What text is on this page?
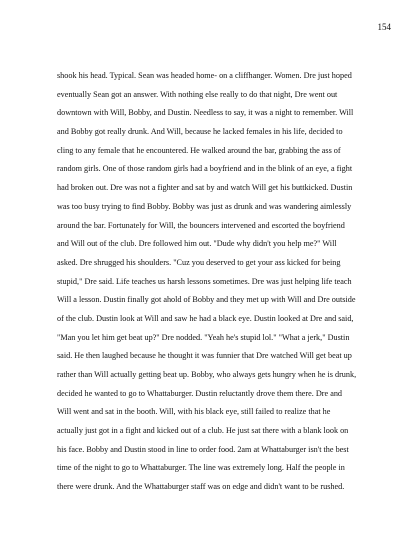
154
shook his head. Typical. Sean was headed home- on a cliffhanger. Women. Dre just hoped
eventually Sean got an answer. With nothing else really to do that night, Dre went out
downtown with Will, Bobby, and Dustin. Needless to say, it was a night to remember. Will
and Bobby got really drunk. And Will, because he lacked females in his life, decided to
cling to any female that he encountered. He walked around the bar, grabbing the ass of
random girls. One of those random girls had a boyfriend and in the blink of an eye, a fight
had broken out. Dre was not a fighter and sat by and watch Will get his buttkicked. Dustin
was too busy trying to find Bobby. Bobby was just as drunk and was wandering aimlessly
around the bar. Fortunately for Will, the bouncers intervened and escorted the boyfriend
and Will out of the club. Dre followed him out. "Dude why didn't you help me?" Will
asked. Dre shrugged his shoulders. "Cuz you deserved to get your ass kicked for being
stupid," Dre said. Life teaches us harsh lessons sometimes. Dre was just helping life teach
Will a lesson. Dustin finally got ahold of Bobby and they met up with Will and Dre outside
of the club. Dustin look at Will and saw he had a black eye. Dustin looked at Dre and said,
"Man you let him get beat up?" Dre nodded. "Yeah he's stupid lol." "What a jerk," Dustin
said. He then laughed because he thought it was funnier that Dre watched Will get beat up
rather than Will actually getting beat up. Bobby, who always gets hungry when he is drunk,
decided he wanted to go to Whattaburger. Dustin reluctantly drove them there. Dre and
Will went and sat in the booth. Will, with his black eye, still failed to realize that he
actually just got in a fight and kicked out of a club. He just sat there with a blank look on
his face. Bobby and Dustin stood in line to order food. 2am at Whattaburger isn't the best
time of the night to go to Whattaburger. The line was extremely long. Half the people in
there were drunk. And the Whattaburger staff was on edge and didn't want to be rushed.
